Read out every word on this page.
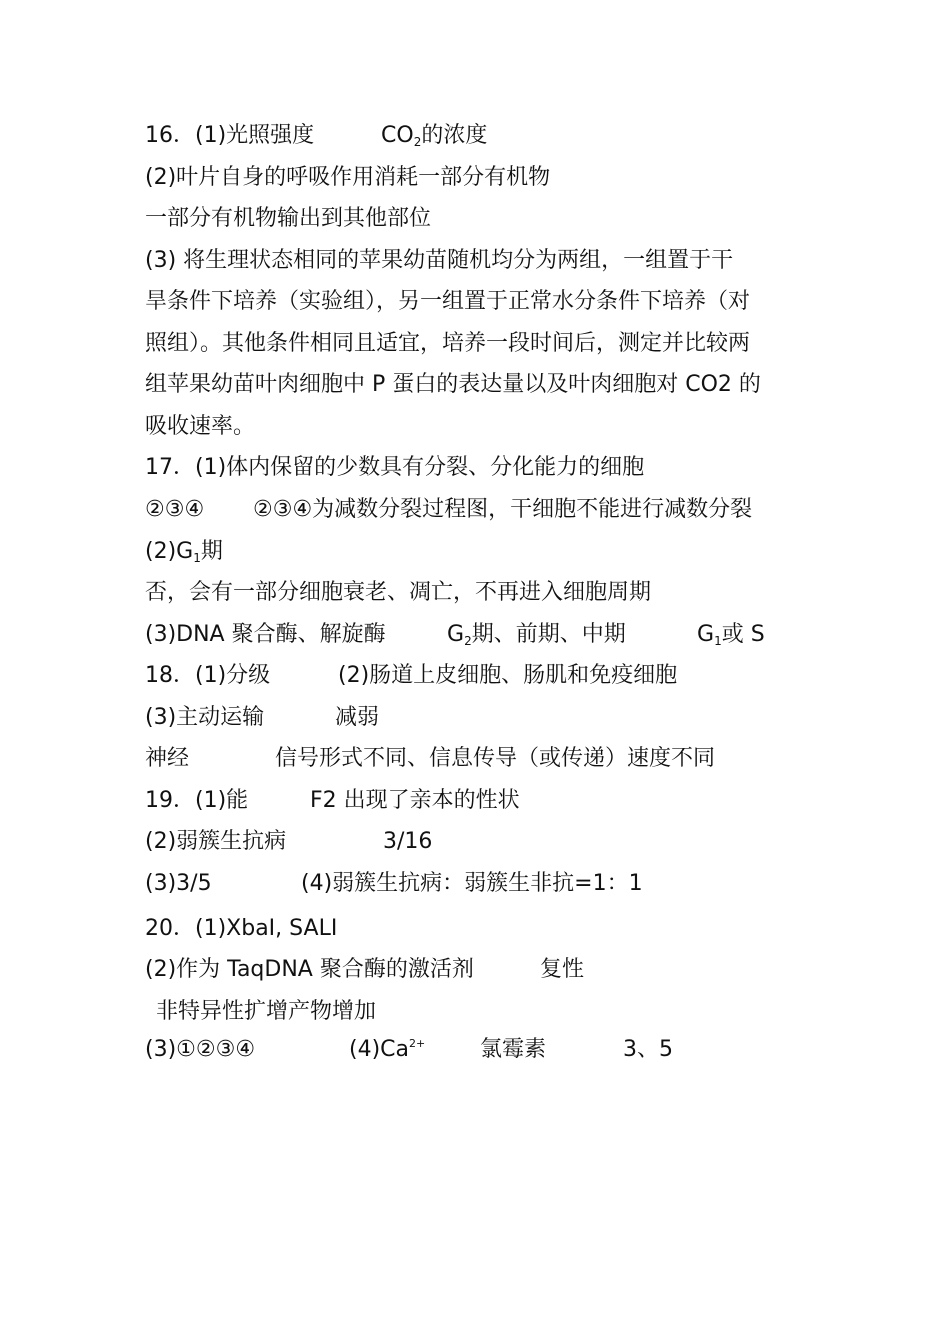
16．(1)光照强度	$CO_2$的浓度
(2)叶片自身的呼吸作用消耗一部分有机物
一部分有机物输出到其他部位
(3) 将生理状态相同的苹果幼苗随机均分为两组，一组置于干
旱条件下培养（实验组），另一组置于正常水分条件下培养（对
照组）。其他条件相同且适宜，培养一段时间后，测定并比较两
组苹果幼苗叶肉细胞中 P 蛋白的表达量以及叶肉细胞对 CO2 的
吸收速率。
17．(1)体内保留的少数具有分裂、分化能力的细胞
②③④ ②③④为减数分裂过程图，干细胞不能进行减数分裂
$(2)G_1$期
否，会有一部分细胞衰老、凋亡，不再进入细胞周期
(3)DNA 聚合酶、解旋酶	$G_2$期、前期、中期	$G_1$或 S
18．(1)分级	(2)肠道上皮细胞、肠肌和免疫细胞
(3)主动运输	减弱
神经	信号形式不同、信息传导（或传递）速度不同
19．(1)能	F2 出现了亲本的性状
(2)弱簇生抗病	3/16
(3)3/5	(4)弱簇生抗病：弱簇生非抗=1：1
20．(1)XbaI, SALI
(2)作为 TaqDNA 聚合酶的激活剂	复性
非特异性扩增产物增加
(3)①②③④	$(4)Ca^{2+}$ 氯霉素	3、5
